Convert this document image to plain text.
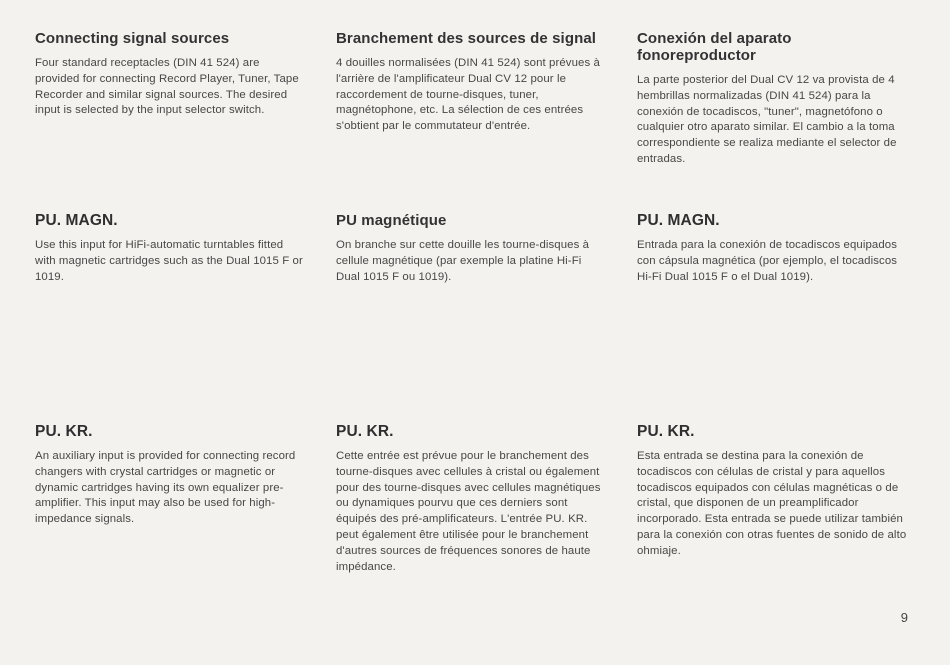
Connecting signal sources

Four standard receptacles (DIN 41 524) are provided for connecting Record Player, Tuner, Tape Recorder and similar signal sources. The desired input is selected by the input selector switch.

Branchement des sources de signal

4 douilles normalisées (DIN 41 524) sont prévues à l'arrière de l'amplificateur Dual CV 12 pour le raccordement de tourne-disques, tuner, magnétophone, etc. La sélection de ces entrées s'obtient par le commutateur d'entrée.

Conexión del aparato fonoreproductor

La parte posterior del Dual CV 12 va provista de 4 hembrillas normalizadas (DIN 41 524) para la conexión de tocadiscos, "tuner", magnetófono o cualquier otro aparato similar. El cambio a la toma correspondiente se realiza mediante el selector de entradas.

PU. MAGN.

Use this input for HiFi-automatic turntables fitted with magnetic cartridges such as the Dual 1015 F or 1019.

PU magnétique

On branche sur cette douille les tourne-disques à cellule magnétique (par exemple la platine Hi-Fi Dual 1015 F ou 1019).

PU. MAGN.

Entrada para la conexión de tocadiscos equipados con cápsula magnética (por ejemplo, el tocadiscos Hi-Fi Dual 1015 F o el Dual 1019).

PU. KR.

An auxiliary input is provided for connecting record changers with crystal cartridges or magnetic or dynamic cartridges having its own equalizer pre-amplifier. This input may also be used for high-impedance signals.

PU. KR.

Cette entrée est prévue pour le branchement des tourne-disques avec cellules à cristal ou également pour des tourne-disques avec cellules magnétiques ou dynamiques pourvu que ces derniers sont équipés des pré-amplificateurs. L'entrée PU. KR. peut également être utilisée pour le branchement d'autres sources de fréquences sonores de haute impédance.

PU. KR.

Esta entrada se destina para la conexión de tocadiscos con células de cristal y para aquellos tocadiscos equipados con células magnéticas o de cristal, que disponen de un preamplificador incorporado. Esta entrada se puede utilizar también para la conexión con otras fuentes de sonido de alto ohmiaje.

9
